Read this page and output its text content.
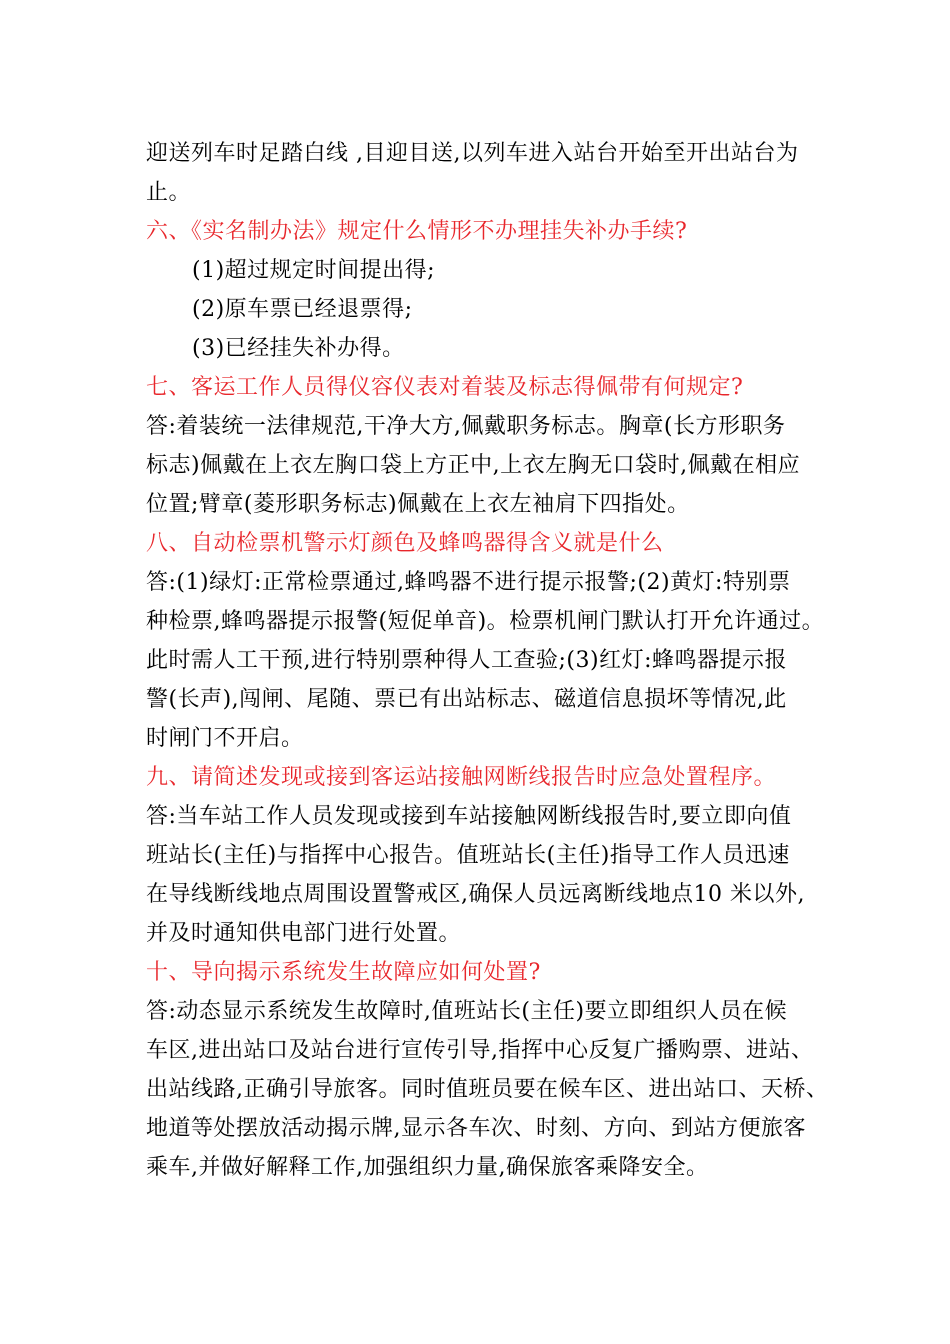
迎送列车时足踏白线 ,目迎目送,以列车进入站台开始至开出站台为
止。
六、《实名制办法》规定什么情形不办理挂失补办手续?
(1)超过规定时间提出得;
(2)原车票已经退票得;
(3)已经挂失补办得。
七、客运工作人员得仪容仪表对着装及标志得佩带有何规定?
答:着装统一法律规范,干净大方,佩戴职务标志。胸章(长方形职务
标志)佩戴在上衣左胸口袋上方正中,上衣左胸无口袋时,佩戴在相应
位置;臂章(菱形职务标志)佩戴在上衣左袖肩下四指处。
八、自动检票机警示灯颜色及蜂鸣器得含义就是什么
答:(1)绿灯:正常检票通过,蜂鸣器不进行提示报警;(2)黄灯:特别票
种检票,蜂鸣器提示报警(短促单音)。检票机闸门默认打开允许通过。
此时需人工干预,进行特别票种得人工查验;(3)红灯:蜂鸣器提示报
警(长声),闯闸、尾随、票已有出站标志、磁道信息损坏等情况,此
时闸门不开启。
九、请简述发现或接到客运站接触网断线报告时应急处置程序。
答:当车站工作人员发现或接到车站接触网断线报告时,要立即向值
班站长(主任)与指挥中心报告。值班站长(主任)指导工作人员迅速
在导线断线地点周围设置警戒区,确保人员远离断线地点10 米以外,
并及时通知供电部门进行处置。
十、导向揭示系统发生故障应如何处置?
答:动态显示系统发生故障时,值班站长(主任)要立即组织人员在候
车区,进出站口及站台进行宣传引导,指挥中心反复广播购票、进站、
出站线路,正确引导旅客。同时值班员要在候车区、进出站口、天桥、
地道等处摆放活动揭示牌,显示各车次、时刻、方向、到站方便旅客
乘车,并做好解释工作,加强组织力量,确保旅客乘降安全。
